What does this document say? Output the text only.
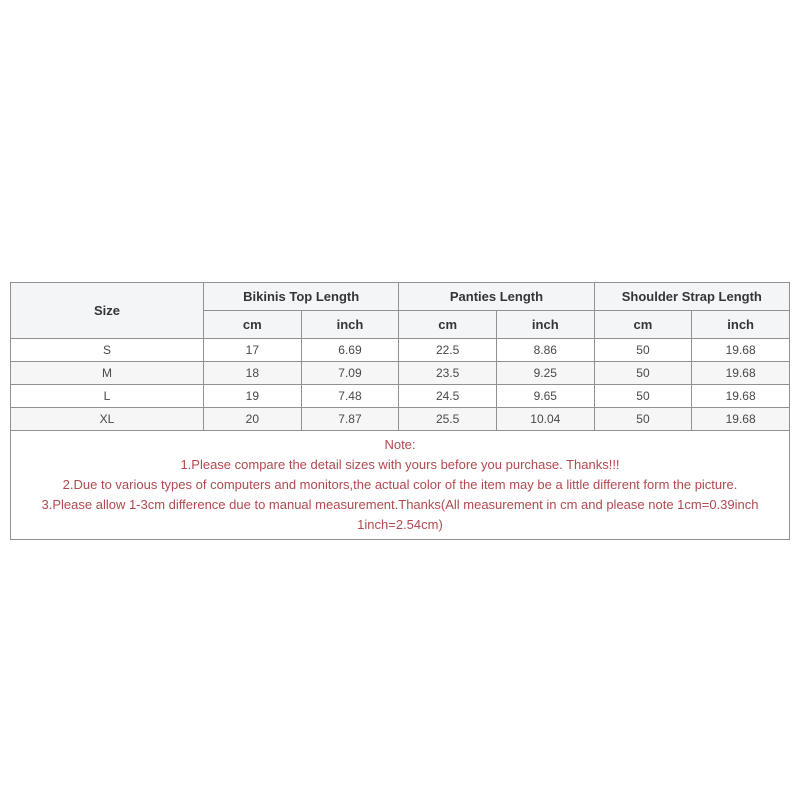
Size	Bikinis Top Length		Panties Length		Shoulder Strap Length	
	cm	inch	cm	inch	cm	inch
S	17	6.69	22.5	8.86	50	19.68
M	18	7.09	23.5	9.25	50	19.68
L	19	7.48	24.5	9.65	50	19.68
XL	20	7.87	25.5	10.04	50	19.68

Note:
1.Please compare the detail sizes with yours before you purchase. Thanks!!!
2.Due to various types of computers and monitors,the actual color of the item may be a little different form the picture.
3.Please allow 1-3cm difference due to manual measurement.Thanks(All measurement in cm and please note 1cm=0.39inch 1inch=2.54cm)						
